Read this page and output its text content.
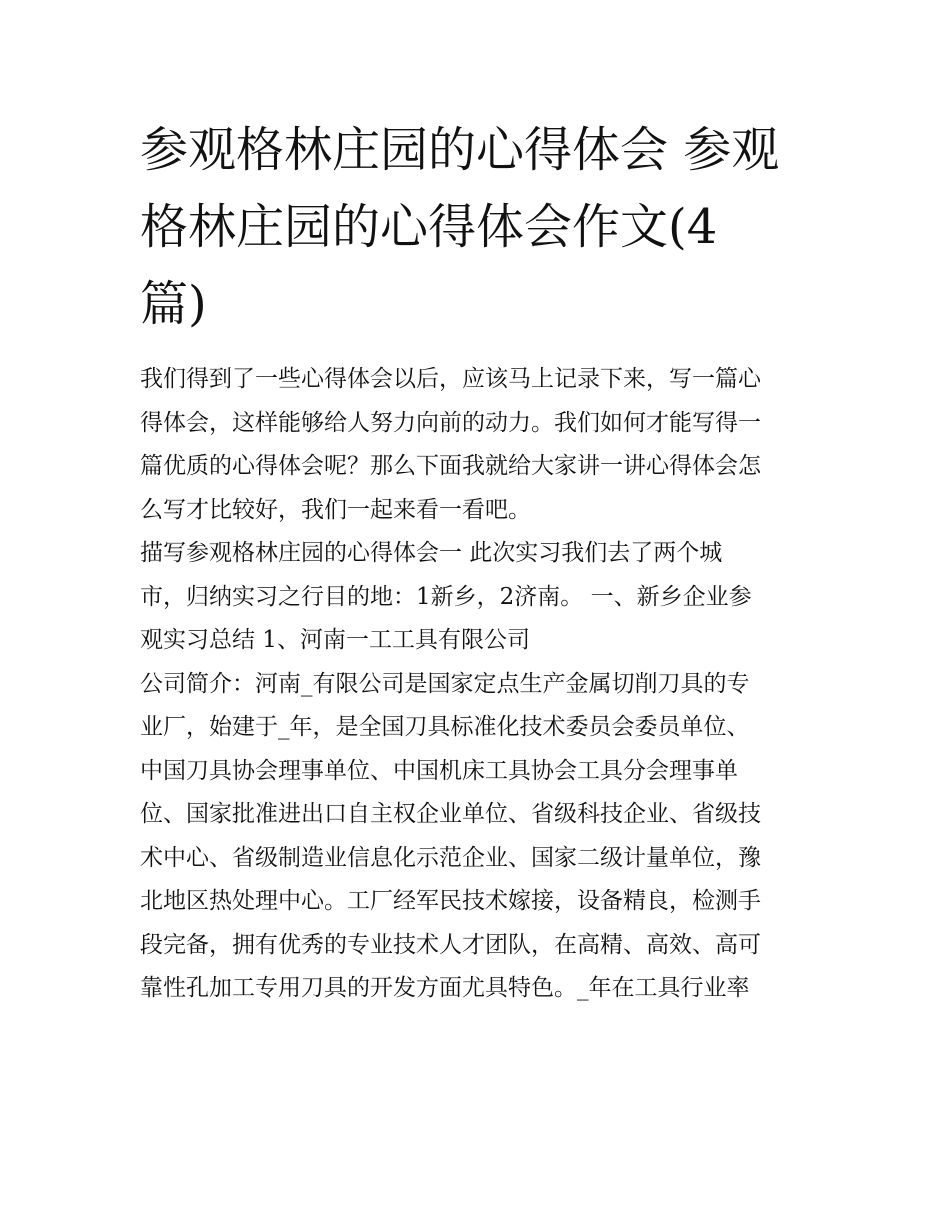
参观格林庄园的心得体会 参观
格林庄园的心得体会作文(4
篇)
我们得到了一些心得体会以后，应该马上记录下来，写一篇心
得体会，这样能够给人努力向前的动力。我们如何才能写得一
篇优质的心得体会呢？那么下面我就给大家讲一讲心得体会怎
么写才比较好，我们一起来看一看吧。
描写参观格林庄园的心得体会一 此次实习我们去了两个城
市，归纳实习之行目的地：1新乡，2济南。 一、新乡企业参
观实习总结 1、河南一工工具有限公司
公司简介：河南_有限公司是国家定点生产金属切削刀具的专
业厂，始建于_年，是全国刀具标准化技术委员会委员单位、
中国刀具协会理事单位、中国机床工具协会工具分会理事单
位、国家批准进出口自主权企业单位、省级科技企业、省级技
术中心、省级制造业信息化示范企业、国家二级计量单位，豫
北地区热处理中心。工厂经军民技术嫁接，设备精良，检测手
段完备，拥有优秀的专业技术人才团队，在高精、高效、高可
靠性孔加工专用刀具的开发方面尤具特色。_年在工具行业率
